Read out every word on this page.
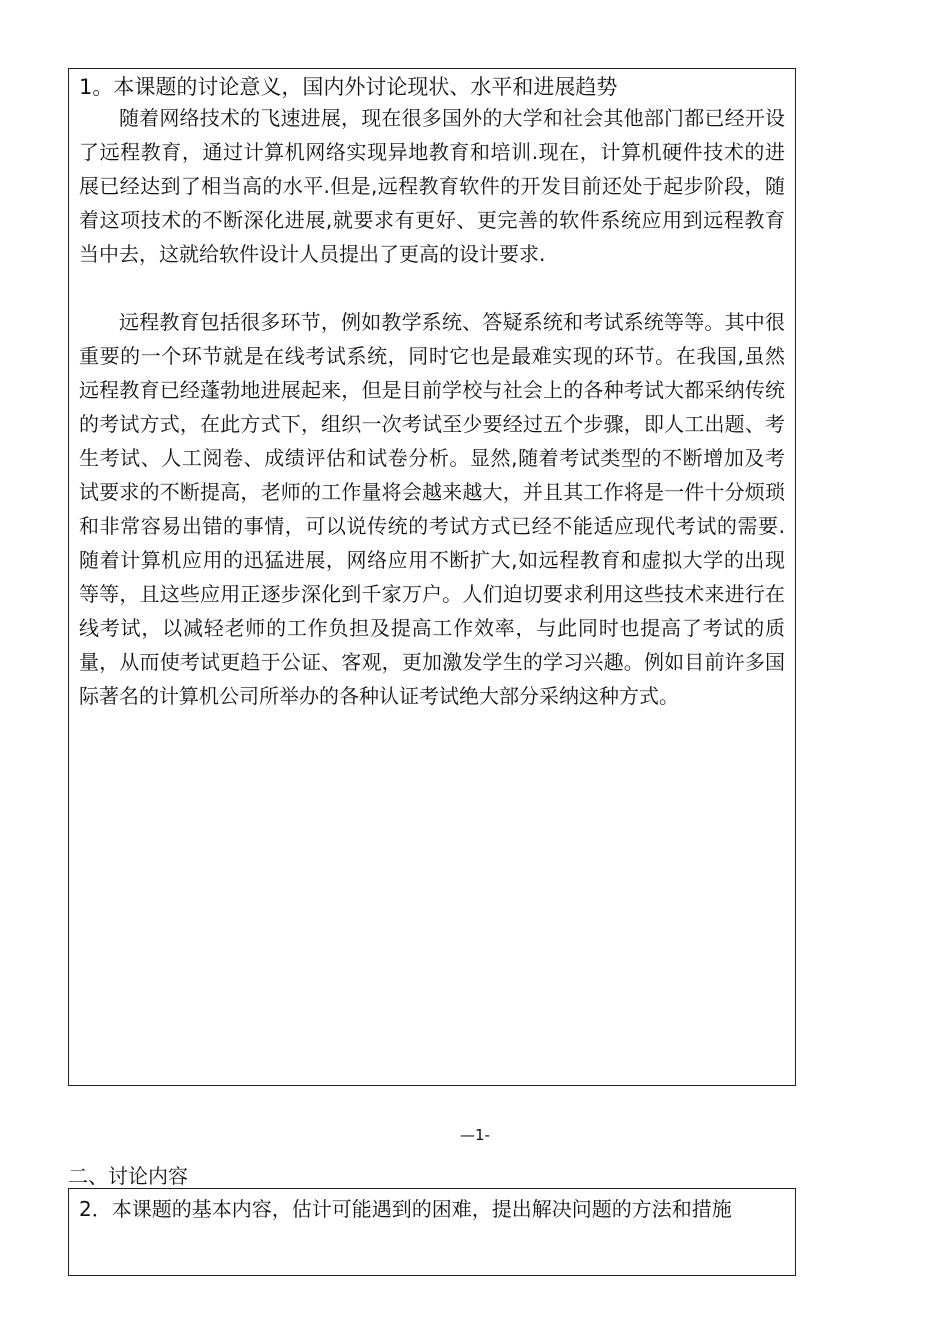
1。本课题的讨论意义，国内外讨论现状、水平和进展趋势

随着网络技术的飞速进展，现在很多国外的大学和社会其他部门都已经开设了远程教育，通过计算机网络实现异地教育和培训.现在，计算机硬件技术的进展已经达到了相当高的水平.但是,远程教育软件的开发目前还处于起步阶段，随着这项技术的不断深化进展,就要求有更好、更完善的软件系统应用到远程教育当中去，这就给软件设计人员提出了更高的设计要求.

远程教育包括很多环节，例如教学系统、答疑系统和考试系统等等。其中很重要的一个环节就是在线考试系统，同时它也是最难实现的环节。在我国,虽然远程教育已经蓬勃地进展起来，但是目前学校与社会上的各种考试大都采纳传统的考试方式，在此方式下，组织一次考试至少要经过五个步骤，即人工出题、考生考试、人工阅卷、成绩评估和试卷分析。显然,随着考试类型的不断增加及考试要求的不断提高，老师的工作量将会越来越大，并且其工作将是一件十分烦琐和非常容易出错的事情，可以说传统的考试方式已经不能适应现代考试的需要.随着计算机应用的迅猛进展，网络应用不断扩大,如远程教育和虚拟大学的出现等等，且这些应用正逐步深化到千家万户。人们迫切要求利用这些技术来进行在线考试，以减轻老师的工作负担及提高工作效率，与此同时也提高了考试的质量，从而使考试更趋于公证、客观，更加激发学生的学习兴趣。例如目前许多国际著名的计算机公司所举办的各种认证考试绝大部分采纳这种方式。

—1-
二、讨论内容

2．本课题的基本内容，估计可能遇到的困难，提出解决问题的方法和措施
